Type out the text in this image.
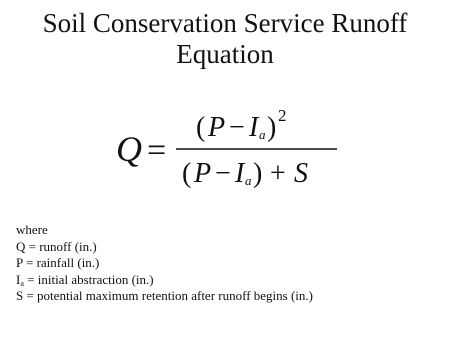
Soil Conservation Service Runoff
Equation
Q =
( P − I a ) 2
( P − I a ) + S
where
Q = runoff (in.)
P = rainfall (in.)
$I_a$ = initial abstraction (in.)
S = potential maximum retention after runoff begins (in.)
